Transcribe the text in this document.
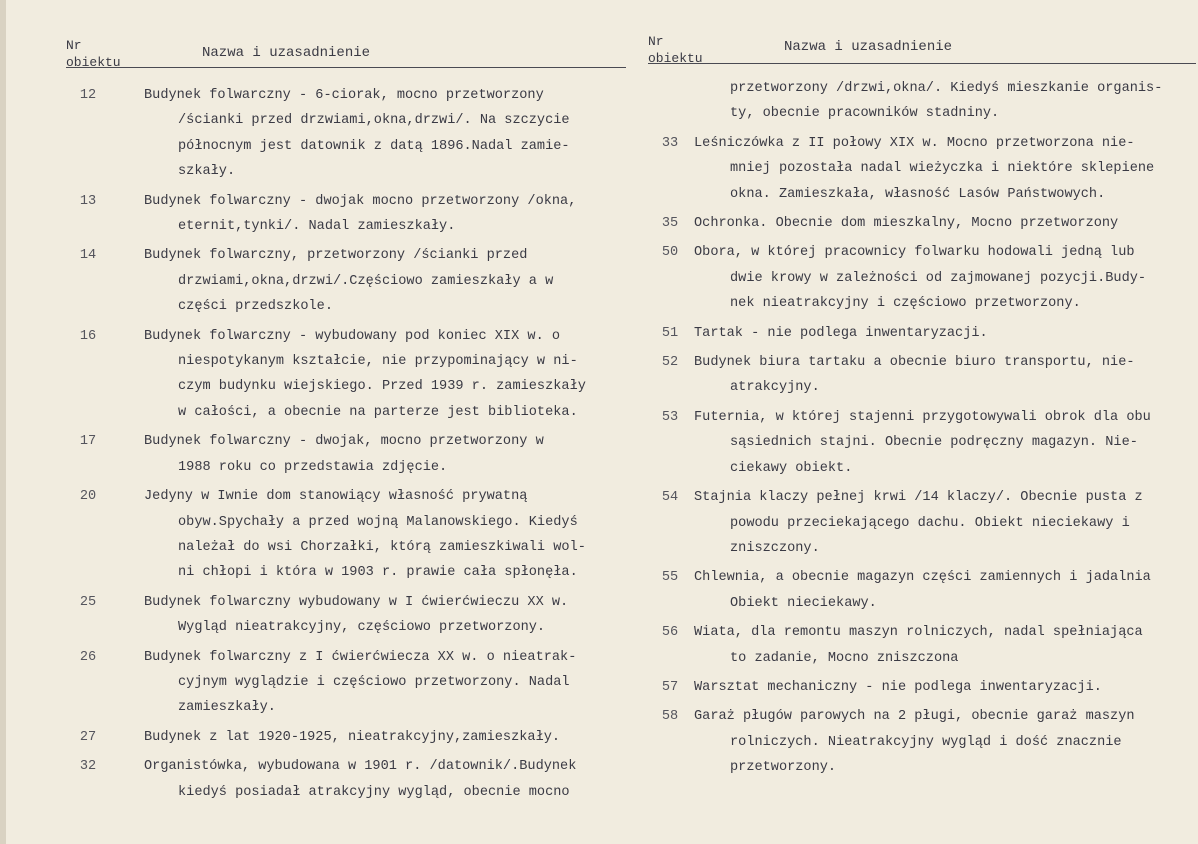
Nr
obiektu
Nazwa i uzasadnienie
12	Budynek folwarczny - 6-ciorak, mocno przetworzony
/ścianki przed drzwiami,okna,drzwi/. Na szczycie
północnym jest datownik z datą 1896.Nadal zamie-
szkały.
13	Budynek folwarczny - dwojak mocno przetworzony /okna,
eternit,tynki/. Nadal zamieszkały.
14	Budynek folwarczny, przetworzony /ścianki przed
drzwiami,okna,drzwi/.Częściowo zamieszkały a w
części przedszkole.
16	Budynek folwarczny - wybudowany pod koniec XIX w. o
niespotykanym kształcie, nie przypominający w ni-
czym budynku wiejskiego. Przed 1939 r. zamieszkały
w całości, a obecnie na parterze jest biblioteka.
17	Budynek folwarczny - dwojak, mocno przetworzony w
1988 roku co przedstawia zdjęcie.
20	Jedyny w Iwnie dom stanowiący własność prywatną
obyw.Spychały a przed wojną Malanowskiego. Kiedyś
należał do wsi Chorzałki, którą zamieszkiwali wol-
ni chłopi i która w 1903 r. prawie cała spłonęła.
25	Budynek folwarczny wybudowany w I ćwierćwieczu XX w.
Wygląd nieatrakcyjny, częściowo przetworzony.
26	Budynek folwarczny z I ćwierćwiecza XX w. o nieatrak-
cyjnym wyglądzie i częściowo przetworzony. Nadal
zamieszkały.
27	Budynek z lat 1920-1925, nieatrakcyjny,zamieszkały.
32	Organistówka, wybudowana w 1901 r. /datownik/.Budynek
kiedyś posiadał atrakcyjny wygląd, obecnie mocno
Nr
obiektu
Nazwa i uzasadnienie
przetworzony /drzwi,okna/. Kiedyś mieszkanie organis-
ty, obecnie pracowników stadniny.
33	Leśniczówka z II połowy XIX w. Mocno przetworzona nie-
mniej pozostała nadal wieżyczka i niektóre sklepiene
okna. Zamieszkała, własność Lasów Państwowych.
35	Ochronka. Obecnie dom mieszkalny, Mocno przetworzony
50	Obora, w której pracownicy folwarku hodowali jedną lub
dwie krowy w zależności od zajmowanej pozycji.Budy-
nek nieatrakcyjny i częściowo przetworzony.
51	Tartak - nie podlega inwentaryzacji.
52	Budynek biura tartaku a obecnie biuro transportu, nie-
atrakcyjny.
53	Futernia, w której stajenni przygotowywali obrok dla obu
sąsiednich stajni. Obecnie podręczny magazyn. Nie-
ciekawy obiekt.
54	Stajnia klaczy pełnej krwi /14 klaczy/. Obecnie pusta z
powodu przeciekającego dachu. Obiekt nieciekawy i
zniszczony.
55	Chlewnia, a obecnie magazyn części zamiennych i jadalnia
Obiekt nieciekawy.
56	Wiata, dla remontu maszyn rolniczych, nadal spełniająca
to zadanie, Mocno zniszczona
57	Warsztat mechaniczny - nie podlega inwentaryzacji.
58	Garaż pługów parowych na 2 pługi, obecnie garaż maszyn
rolniczych. Nieatrakcyjny wygląd i dość znacznie
przetworzony.
